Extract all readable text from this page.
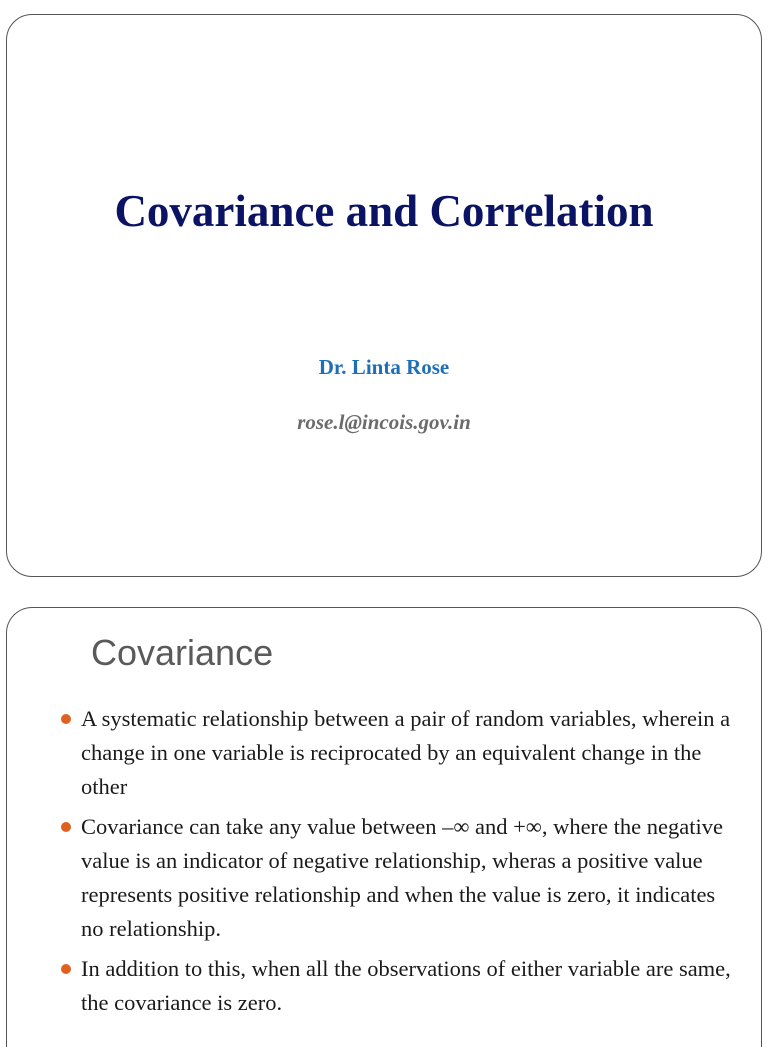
Covariance and Correlation
Dr. Linta Rose
rose.l@incois.gov.in
Covariance
A systematic relationship between a pair of random variables, wherein a change in one variable is reciprocated by an equivalent change in the other
Covariance can take any value between –∞ and +∞, where the negative value is an indicator of negative relationship, wheras a positive value represents positive relationship and when the value is zero, it indicates no relationship.
In addition to this, when all the observations of either variable are same, the covariance is zero.
